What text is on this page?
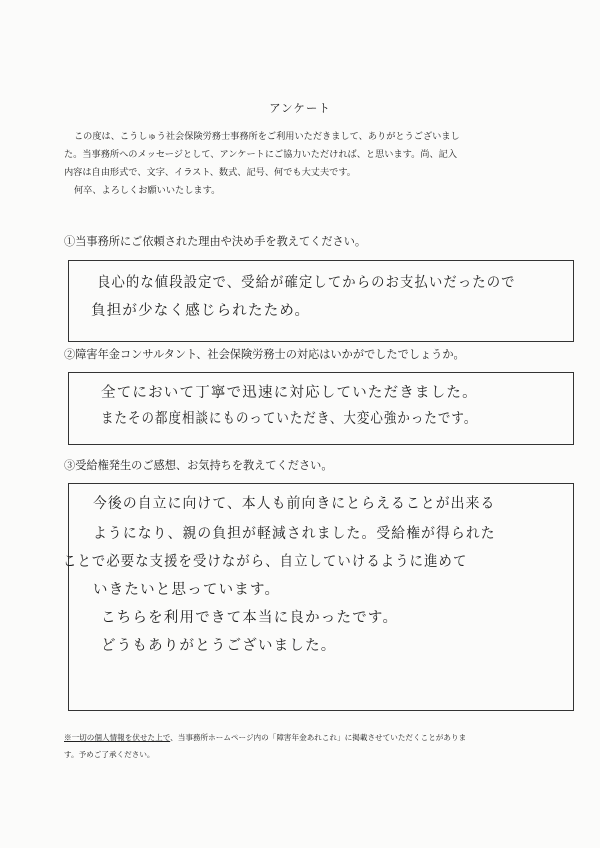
アンケート

この度は、こうしゅう社会保険労務士事務所をご利用いただきまして、ありがとうございまし

た。当事務所へのメッセージとして、アンケートにご協力いただければ、と思います。尚、記入

内容は自由形式で、文字、イラスト、数式、記号、何でも大丈夫です。

何卒、よろしくお願いいたします。

①当事務所にご依頼された理由や決め手を教えてください。
良心的な値段設定で、受給が確定してからのお支払いだったので
負担が少なく感じられたため。
②障害年金コンサルタント、社会保険労務士の対応はいかがでしたでしょうか。
全てにおいて丁寧で迅速に対応していただきました。
またその都度相談にものっていただき、大変心強かったです。
③受給権発生のご感想、お気持ちを教えてください。
今後の自立に向けて、本人も前向きにとらえることが出来る
ようになり、親の負担が軽減されました。受給権が得られた
ことで必要な支援を受けながら、自立していけるように進めて
いきたいと思っています。
こちらを利用できて本当に良かったです。
どうもありがとうございました。
※一切の個人情報を伏せた上で、当事務所ホームページ内の「障害年金あれこれ」に掲載させていただくことがありま
す。予めご了承ください。
